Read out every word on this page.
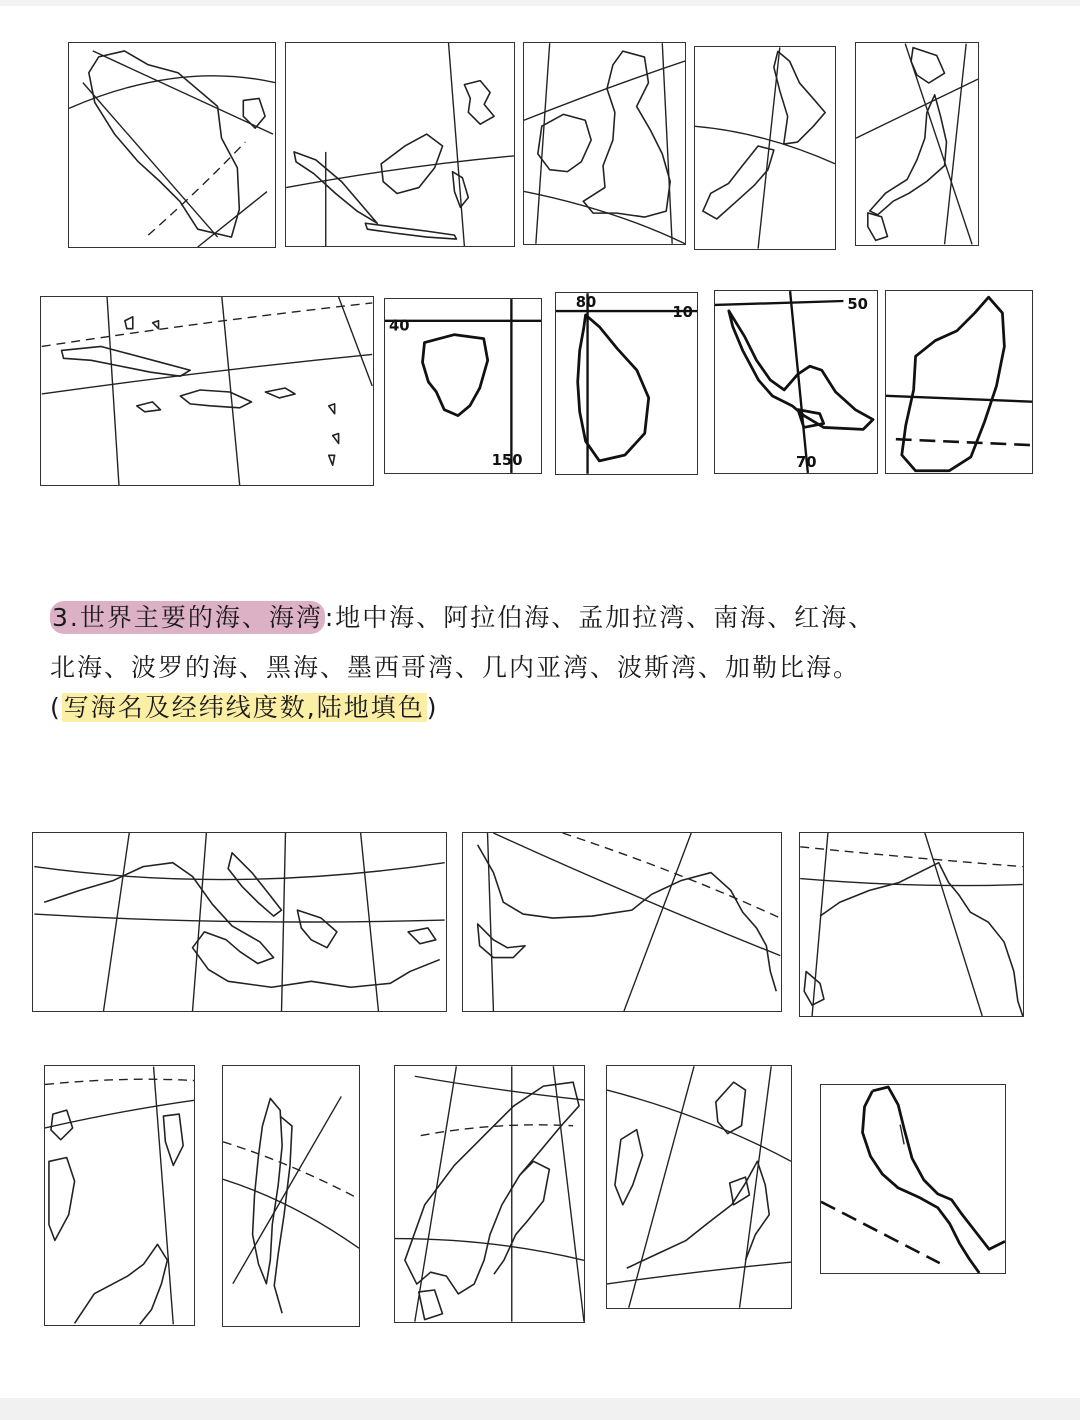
40
150
80
10	50
70
3.世界主要的海、海湾:地中海、阿拉伯海、孟加拉湾、南海、红海、
北海、波罗的海、黑海、墨西哥湾、几内亚湾、波斯湾、加勒比海。
(写海名及经纬线度数,陆地填色)
